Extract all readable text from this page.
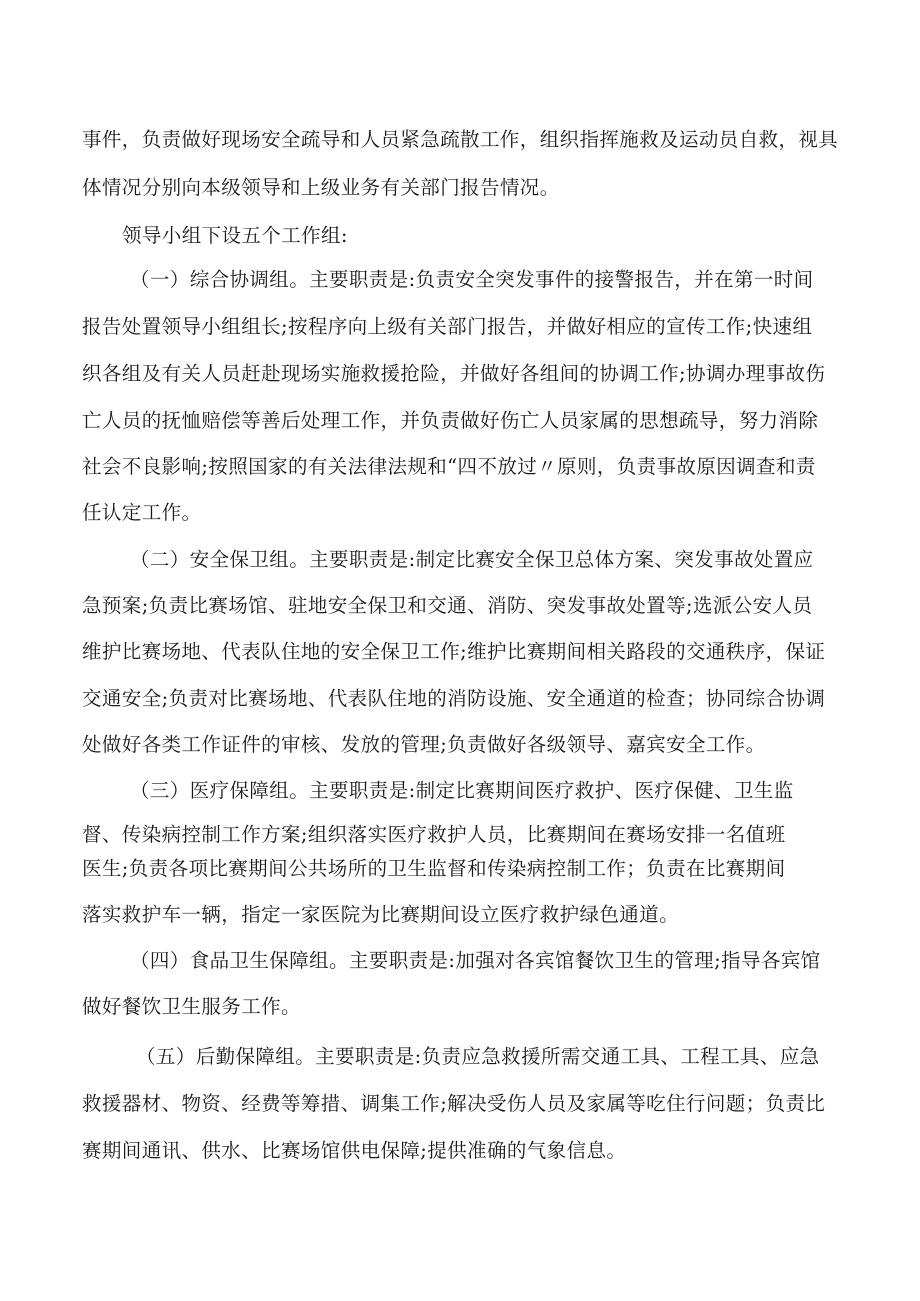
事件，负责做好现场安全疏导和人员紧急疏散工作，组织指挥施救及运动员自救，视具
体情况分别向本级领导和上级业务有关部门报告情况。
领导小组下设五个工作组:
（一）综合协调组。主要职责是:负责安全突发事件的接警报告，并在第一时间
报告处置领导小组组长;按程序向上级有关部门报告，并做好相应的宣传工作;快速组
织各组及有关人员赶赴现场实施救援抢险，并做好各组间的协调工作;协调办理事故伤
亡人员的抚恤赔偿等善后处理工作，并负责做好伤亡人员家属的思想疏导，努力消除
社会不良影响;按照国家的有关法律法规和“四不放过〃原则，负责事故原因调查和责
任认定工作。
（二）安全保卫组。主要职责是:制定比赛安全保卫总体方案、突发事故处置应
急预案;负责比赛场馆、驻地安全保卫和交通、消防、突发事故处置等;选派公安人员
维护比赛场地、代表队住地的安全保卫工作;维护比赛期间相关路段的交通秩序，保证
交通安全;负责对比赛场地、代表队住地的消防设施、安全通道的检查；协同综合协调
处做好各类工作证件的审核、发放的管理;负责做好各级领导、嘉宾安全工作。
（三）医疗保障组。主要职责是:制定比赛期间医疗救护、医疗保健、卫生监
督、传染病控制工作方案;组织落实医疗救护人员，比赛期间在赛场安排一名值班
医生;负责各项比赛期间公共场所的卫生监督和传染病控制工作；负责在比赛期间
落实救护车一辆，指定一家医院为比赛期间设立医疗救护绿色通道。
（四）食品卫生保障组。主要职责是:加强对各宾馆餐饮卫生的管理;指导各宾馆
做好餐饮卫生服务工作。
（五）后勤保障组。主要职责是:负责应急救援所需交通工具、工程工具、应急
救援器材、物资、经费等筹措、调集工作;解决受伤人员及家属等吃住行问题；负责比
赛期间通讯、供水、比赛场馆供电保障;提供准确的气象信息。
